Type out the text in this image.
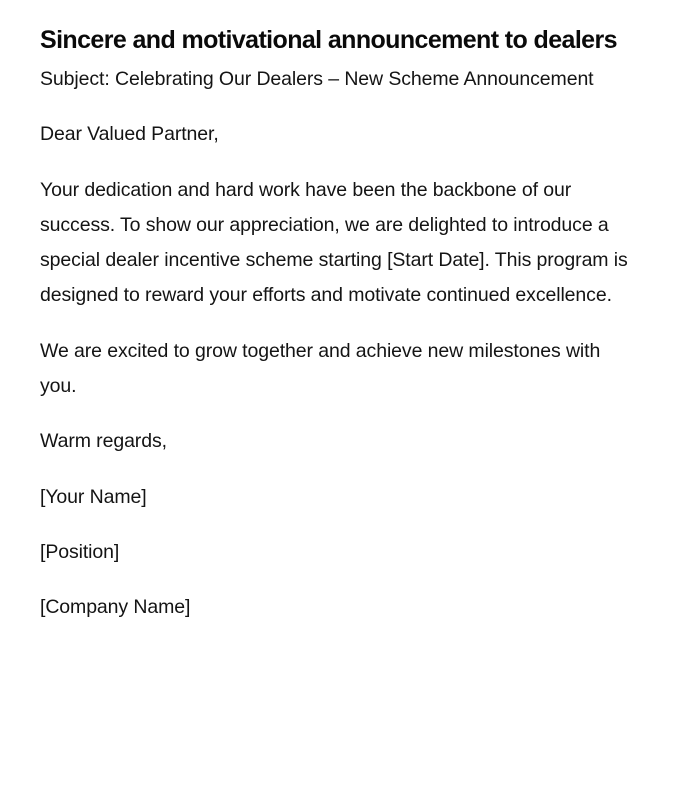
Sincere and motivational announcement to dealers

Subject: Celebrating Our Dealers – New Scheme Announcement

Dear Valued Partner,

Your dedication and hard work have been the backbone of our success. To show our appreciation, we are delighted to introduce a special dealer incentive scheme starting [Start Date]. This program is designed to reward your efforts and motivate continued excellence.

We are excited to grow together and achieve new milestones with you.

Warm regards,

[Your Name]

[Position]

[Company Name]
